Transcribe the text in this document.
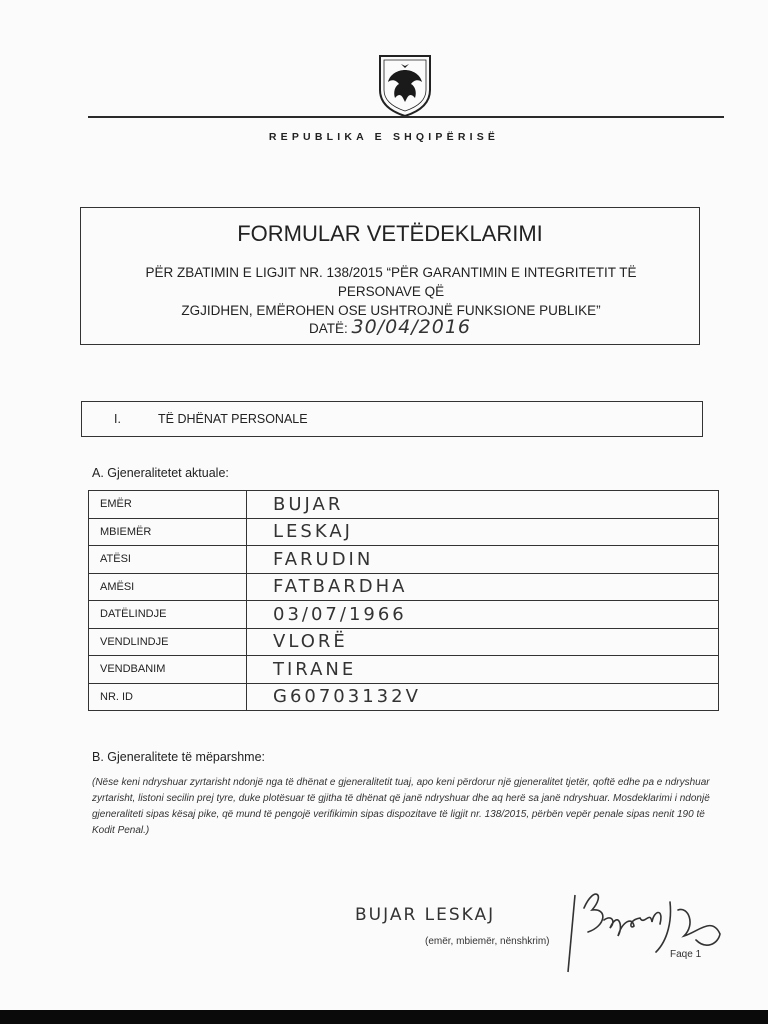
REPUBLIKA E SHQIPËRISË
FORMULAR VETËDEKLARIMI
PËR ZBATIMIN E LIGJIT NR. 138/2015 “PËR GARANTIMIN E INTEGRITETIT TË PERSONAVE QË
ZGJIDHEN, EMËROHEN OSE USHTROJNË FUNKSIONE PUBLIKE”
DATË: 30/04/2016
I.	TË DHËNAT PERSONALE
A. Gjeneralitetet aktuale:
EMËR	BUJAR
MBIEMËR	LESKAJ
ATËSI	FARUDIN
AMËSI	FATBARDHA
DATËLINDJE	03/07/1966
VENDLINDJE	VLORË
VENDBANIM	TIRANE
NR. ID	G60703132V
B. Gjeneralitete të mëparshme:
(Nëse keni ndryshuar zyrtarisht ndonjë nga të dhënat e gjeneralitetit tuaj, apo keni përdorur një gjeneralitet tjetër, qoftë edhe pa e ndryshuar zyrtarisht, listoni secilin prej tyre, duke plotësuar të gjitha të dhënat që janë ndryshuar dhe aq herë sa janë ndryshuar. Mosdeklarimi i ndonjë gjeneraliteti sipas kësaj pike, që mund të pengojë verifikimin sipas dispozitave të ligjit nr. 138/2015, përbën vepër penale sipas nenit 190 të Kodit Penal.)
BUJAR LESKAJ
(emër, mbiemër, nënshkrim)
Faqe 1
